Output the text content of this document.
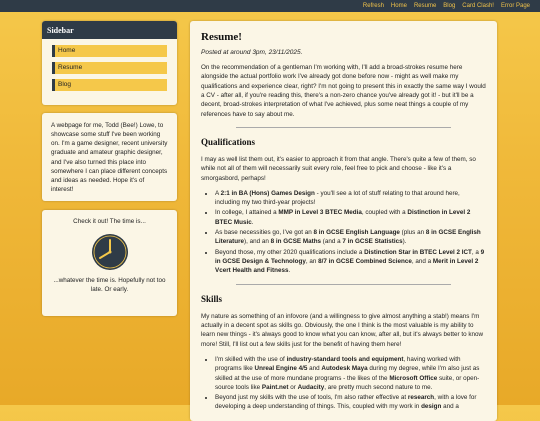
Refresh Home Resume Blog Card Clash! Error Page
Sidebar
Home
Resume
Blog
A webpage for me, Todd (Bee!) Lowe, to showcase some stuff I've been working on. I'm a game designer, recent university graduate and amateur graphic designer, and I've also turned this place into somewhere I can place different concepts and ideas as needed. Hope it's of interest!
Check it out! The time is...
...whatever the time is. Hopefully not too late. Or early.
Resume!
Posted at around 3pm, 23/11/2025.

On the recommendation of a gentleman I'm working with, I'll add a broad-strokes resume here alongside the actual portfolio work I've already got done before now - might as well make my qualifications and experience clear, right? I'm not going to present this in exactly the same way I would a CV - after all, if you're reading this, there's a non-zero chance you've already got it! - but it'll be a decent, broad-strokes interpretation of what I've achieved, plus some neat things a couple of my references have to say about me.

Qualifications

I may as well list them out, it's easier to approach it from that angle. There's quite a few of them, so while not all of them will necessarily suit every role, feel free to pick and choose - like it's a smorgasbord, perhaps!

• A 2:1 in BA (Hons) Games Design - you'll see a lot of stuff relating to that around here, including my two third-year projects!
• In college, I attained a MMP in Level 3 BTEC Media, coupled with a Distinction in Level 2 BTEC Music.
• As base necessities go, I've got an 8 in GCSE English Language (plus an 8 in GCSE English Literature), and an 8 in GCSE Maths (and a 7 in GCSE Statistics).
• Beyond those, my other 2020 qualifications include a Distinction Star in BTEC Level 2 ICT, a 9 in GCSE Design & Technology, an 8/7 in GCSE Combined Science, and a Merit in Level 2 Vcert Health and Fitness.
Skills

My nature as something of an infovore (and a willingness to give almost anything a stab!) means I'm actually in a decent spot as skills go. Obviously, the one I think is the most valuable is my ability to learn new things - it's always good to know what you can know, after all, but it's always better to know more! Still, I'll list out a few skills just for the benefit of having them here!

• I'm skilled with the use of industry-standard tools and equipment, having worked with programs like Unreal Engine 4/5 and Autodesk Maya during my degree, while I'm also just as skilled at the use of more mundane programs - the likes of the Microsoft Office suite, or open-source tools like Paint.net or Audacity, are pretty much second nature to me.
• Beyond just my skills with the use of tools, I'm also rather effective at research, with a love for developing a deep understanding of things. This, coupled with my work in design and a
